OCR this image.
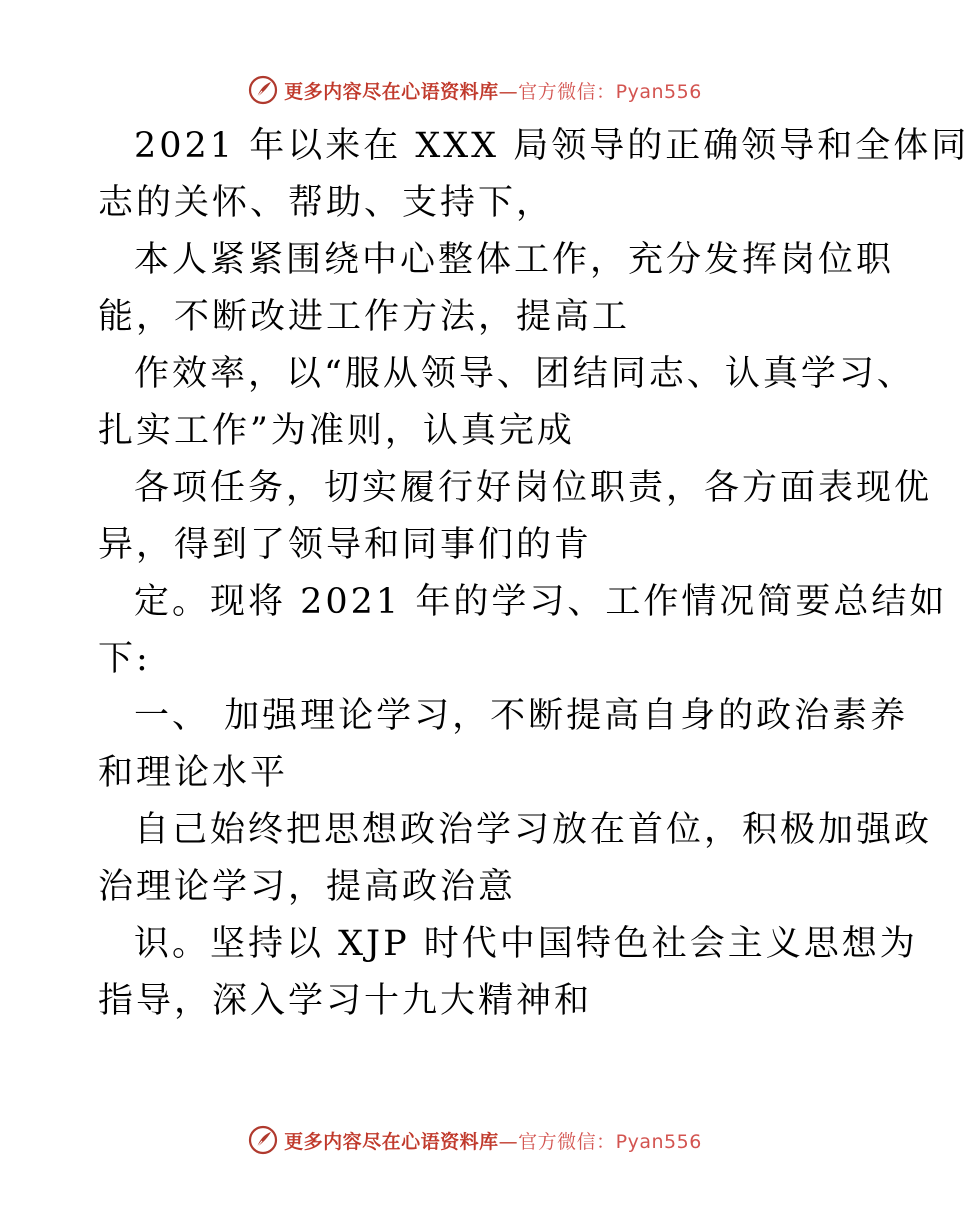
更多内容尽在心语资料库—官方微信：Pyan556
2021 年以来在 XXX 局领导的正确领导和全体同
志的关怀、帮助、支持下，
本人紧紧围绕中心整体工作，充分发挥岗位职
能，不断改进工作方法，提高工
作效率，以“服从领导、团结同志、认真学习、
扎实工作”为准则，认真完成
各项任务，切实履行好岗位职责，各方面表现优
异，得到了领导和同事们的肯
定。现将 2021 年的学习、工作情况简要总结如
下:
一、 加强理论学习，不断提高自身的政治素养
和理论水平
自己始终把思想政治学习放在首位，积极加强政
治理论学习，提高政治意
识。坚持以 XJP 时代中国特色社会主义思想为
指导，深入学习十九大精神和
更多内容尽在心语资料库—官方微信：Pyan556
